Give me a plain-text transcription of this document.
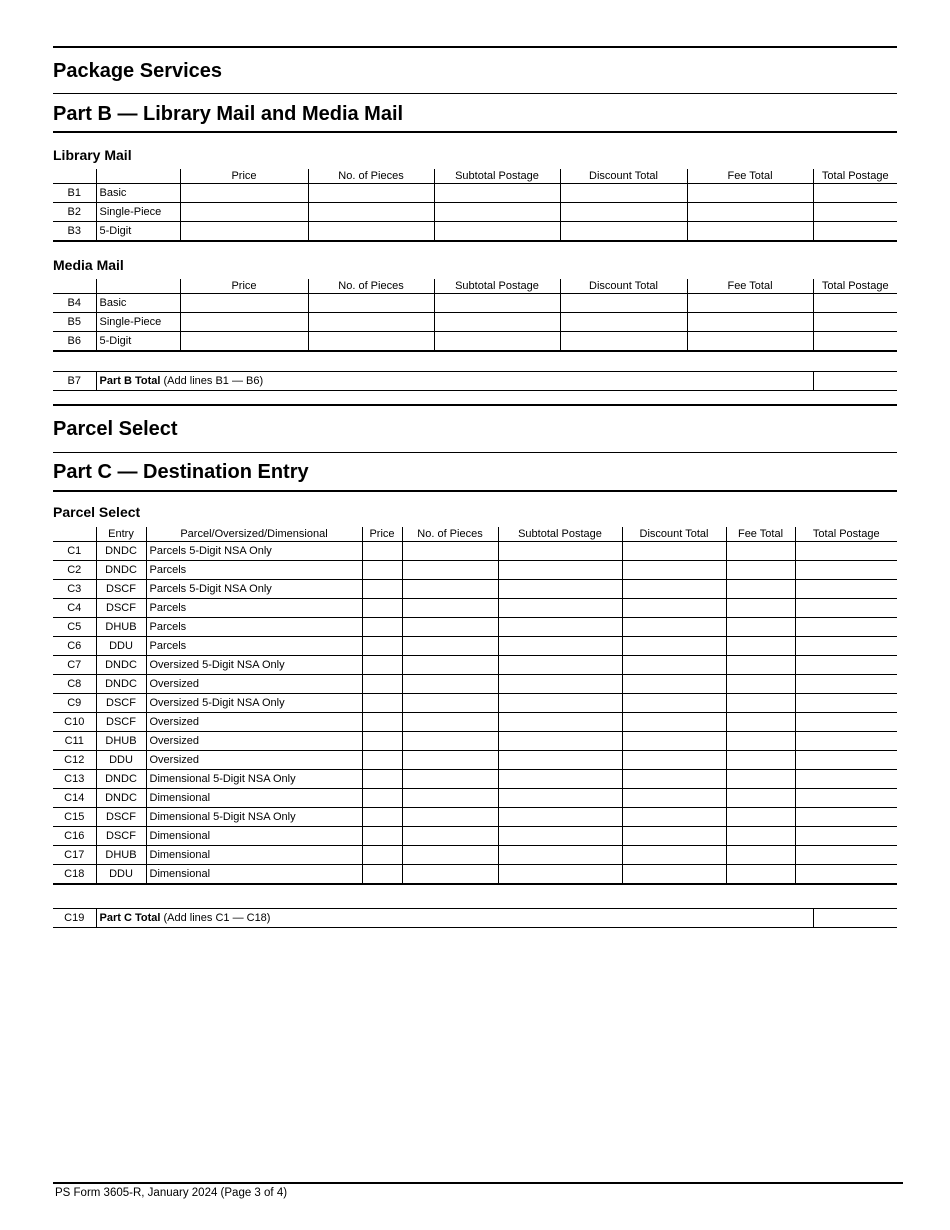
Package Services
Part B — Library Mail and Media Mail
Library Mail
		Price	No. of Pieces	Subtotal Postage	Discount Total	Fee Total	Total Postage
B1	Basic						
B2	Single-Piece						
B3	5-Digit						
Media Mail
		Price	No. of Pieces	Subtotal Postage	Discount Total	Fee Total	Total Postage
B4	Basic						
B5	Single-Piece						
B6	5-Digit						
B7	Part B Total (Add lines B1 — B6)	
Parcel Select
Part C — Destination Entry
Parcel Select
	Entry	Parcel/Oversized/Dimensional	Price	No. of Pieces	Subtotal Postage	Discount Total	Fee Total	Total Postage
C1	DNDC	Parcels 5-Digit NSA Only						
C2	DNDC	Parcels						
C3	DSCF	Parcels 5-Digit NSA Only						
C4	DSCF	Parcels						
C5	DHUB	Parcels						
C6	DDU	Parcels						
C7	DNDC	Oversized 5-Digit NSA Only						
C8	DNDC	Oversized						
C9	DSCF	Oversized 5-Digit NSA Only						
C10	DSCF	Oversized						
C11	DHUB	Oversized						
C12	DDU	Oversized						
C13	DNDC	Dimensional 5-Digit NSA Only						
C14	DNDC	Dimensional						
C15	DSCF	Dimensional 5-Digit NSA Only						
C16	DSCF	Dimensional						
C17	DHUB	Dimensional						
C18	DDU	Dimensional						
C19	Part C Total (Add lines C1 — C18)	
PS Form 3605-R, January 2024 (Page 3 of 4)
